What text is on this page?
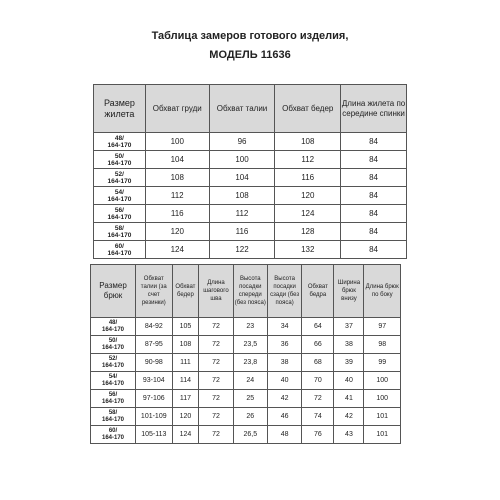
Таблица замеров готового изделия,
МОДЕЛЬ 11636
Размер жилета	Обхват груди	Обхват талии	Обхват бедер	Длина жилета по середине спинки

48/
164-170	100	96	108	84

50/
164-170	104	100	112	84

52/
164-170	108	104	116	84

54/
164-170	112	108	120	84

56/
164-170	116	112	124	84

58/
164-170	120	116	128	84

60/
164-170	124	122	132	84
Размер брюк	Обхват талии (за счет резинки)	Обхват бедер	Длина шаговогo шва	Высота посадки спереди (без пояса)	Высота посадки сзади (без пояса)	Обхват бедра	Ширина брюк внизу	Длина брюк по боку

48/
164-170	84-92	105	72	23	34	64	37	97

50/
164-170	87-95	108	72	23,5	36	66	38	98

52/
164-170	90-98	111	72	23,8	38	68	39	99

54/
164-170	93-104	114	72	24	40	70	40	100

56/
164-170	97-106	117	72	25	42	72	41	100

58/
164-170	101-109	120	72	26	46	74	42	101

60/
164-170	105-113	124	72	26,5	48	76	43	101
